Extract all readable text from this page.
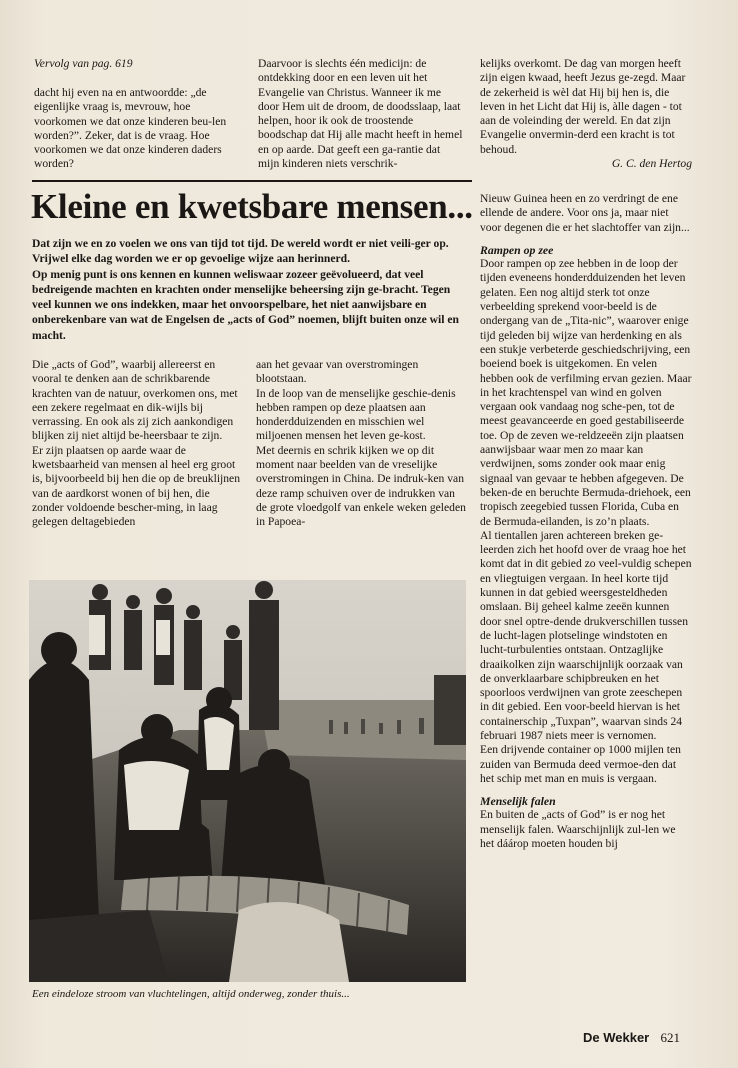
Vervolg van pag. 619

dacht hij even na en antwoordde: „de eigenlijke vraag is, mevrouw, hoe voorkomen we dat onze kinderen beu-len worden?”. Zeker, dat is de vraag. Hoe voorkomen we dat onze kinderen daders worden?

Daarvoor is slechts één medicijn: de ontdekking door en een leven uit het Evangelie van Christus. Wanneer ik me door Hem uit de droom, de doodsslaap, laat helpen, hoor ik ook de troostende boodschap dat Hij alle macht heeft in hemel en op aarde. Dat geeft een ga-rantie dat mijn kinderen niets verschrik-

kelijks overkomt. De dag van morgen heeft zijn eigen kwaad, heeft Jezus ge-zegd. Maar de zekerheid is wèl dat Hij bij hen is, die leven in het Licht dat Hij is, àlle dagen - tot aan de voleinding der wereld. En dat zijn Evangelie onvermin-derd een kracht is tot behoud.

G. C. den Hertog

Kleine en kwetsbare mensen...

Dat zijn we en zo voelen we ons van tijd tot tijd. De wereld wordt er niet veili-ger op. Vrijwel elke dag worden we er op gevoelige wijze aan herinnerd.

Op menig punt is ons kennen en kunnen weliswaar zozeer geëvolueerd, dat veel bedreigende machten en krachten onder menselijke beheersing zijn ge-bracht. Tegen veel kunnen we ons indekken, maar het onvoorspelbare, het niet aanwijsbare en onberekenbare van wat de Engelsen de „acts of God” noemen, blijft buiten onze wil en macht.

Die „acts of God”, waarbij allereerst en vooral te denken aan de schrikbarende krachten van de natuur, overkomen ons, met een zekere regelmaat en dik-wijls bij verrassing. En ook als zij zich aankondigen blijken zij niet altijd be-heersbaar te zijn.

Er zijn plaatsen op aarde waar de kwetsbaarheid van mensen al heel erg groot is, bijvoorbeeld bij hen die op de breuklijnen van de aardkorst wonen of bij hen, die zonder voldoende bescher-ming, in laag gelegen deltagebieden

aan het gevaar van overstromingen blootstaan.

In de loop van de menselijke geschie-denis hebben rampen op deze plaatsen aan honderdduizenden en misschien wel miljoenen mensen het leven ge-kost.

Met deernis en schrik kijken we op dit moment naar beelden van de vreselijke overstromingen in China. De indruk-ken van deze ramp schuiven over de indrukken van de grote vloedgolf van enkele weken geleden in Papoea-

Een eindeloze stroom van vluchtelingen, altijd onderweg, zonder thuis...

Nieuw Guinea heen en zo verdringt de ene ellende de andere. Voor ons ja, maar niet voor degenen die er het slachtoffer van zijn...

Rampen op zee

Door rampen op zee hebben in de loop der tijden eveneens honderdduizenden het leven gelaten. Een nog altijd sterk tot onze verbeelding sprekend voor-beeld is de ondergang van de „Tita-nic”, waarover enige tijd geleden bij wijze van herdenking en als een stukje verbeterde geschiedschrijving, een boeiend boek is uitgekomen. En velen hebben ook de verfilming ervan gezien. Maar in het krachtenspel van wind en golven vergaan ook vandaag nog sche-pen, tot de meest geavanceerde en goed gestabiliseerde toe. Op de zeven we-reldzeeën zijn plaatsen aanwijsbaar waar men zo maar kan verdwijnen, soms zonder ook maar enig signaal van gevaar te hebben afgegeven. De beken-de en beruchte Bermuda-driehoek, een tropisch zeegebied tussen Florida, Cuba en de Bermuda-eilanden, is zo’n plaats.

Al tientallen jaren achtereen breken ge-leerden zich het hoofd over de vraag hoe het komt dat in dit gebied zo veel-vuldig schepen en vliegtuigen vergaan. In heel korte tijd kunnen in dat gebied weersgesteldheden omslaan. Bij geheel kalme zeeën kunnen door snel optre-dende drukverschillen tussen de lucht-lagen plotselinge windstoten en lucht-turbulenties ontstaan. Ontzaglijke draaikolken zijn waarschijnlijk oorzaak van de onverklaarbare schipbreuken en het spoorloos verdwijnen van grote zeeschepen in dit gebied. Een voor-beeld hiervan is het containerschip „Tuxpan”, waarvan sinds 24 februari 1987 niets meer is vernomen.

Een drijvende container op 1000 mijlen ten zuiden van Bermuda deed vermoe-den dat het schip met man en muis is vergaan.

Menselijk falen

En buiten de „acts of God” is er nog het menselijk falen. Waarschijnlijk zul-len we het dáárop moeten houden bij

De Wekker 621
